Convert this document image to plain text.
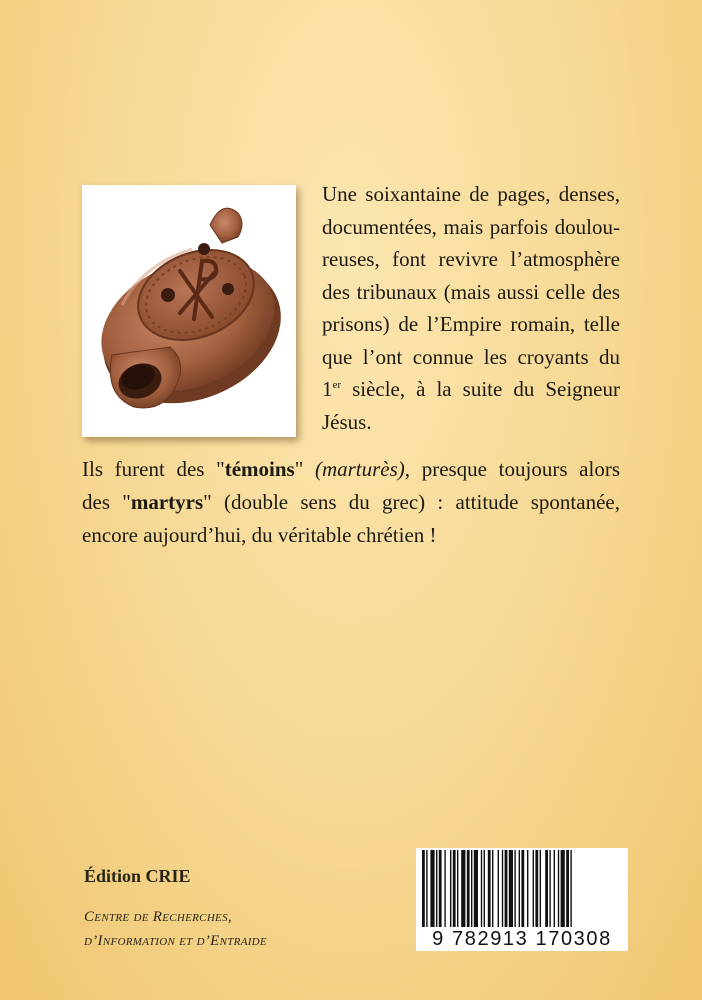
Une soixantaine de pages, denses,
documentées, mais parfois doulou-
reuses, font revivre l’atmosphère
des tribunaux (mais aussi celle des
prisons) de l’Empire romain, telle
que l’ont connue les croyants du
1er siècle, à la suite du Seigneur
Jésus.
Ils furent des "témoins" (marturès), presque toujours alors
des "martyrs" (double sens du grec) : attitude spontanée,
encore aujourd’hui, du véritable chrétien !
Édition CRIE
Centre de Recherches,
d’Information et d’Entraide	9 782913 170308
